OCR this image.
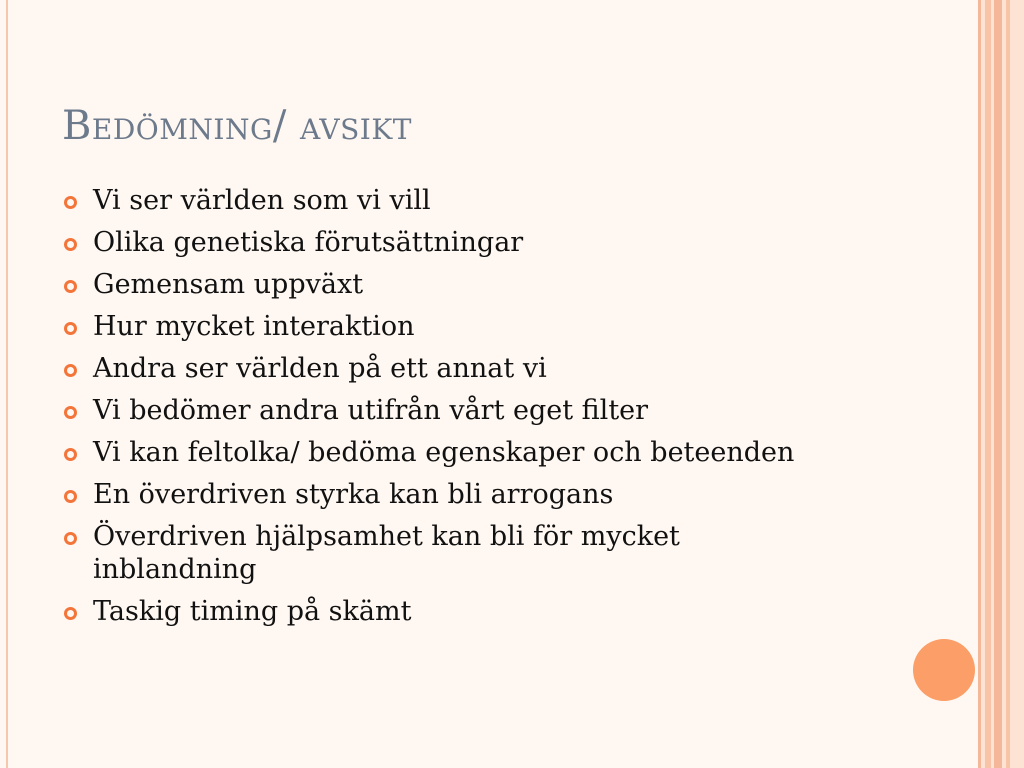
Bedömning/ avsikt
Vi ser världen som vi vill
Olika genetiska förutsättningar
Gemensam uppväxt
Hur mycket interaktion
Andra ser världen på ett annat vi
Vi bedömer andra utifrån vårt eget filter
Vi kan feltolka/ bedöma egenskaper och beteenden
En överdriven styrka kan bli arrogans
Överdriven hjälpsamhet kan bli för mycket inblandning
Taskig timing på skämt
